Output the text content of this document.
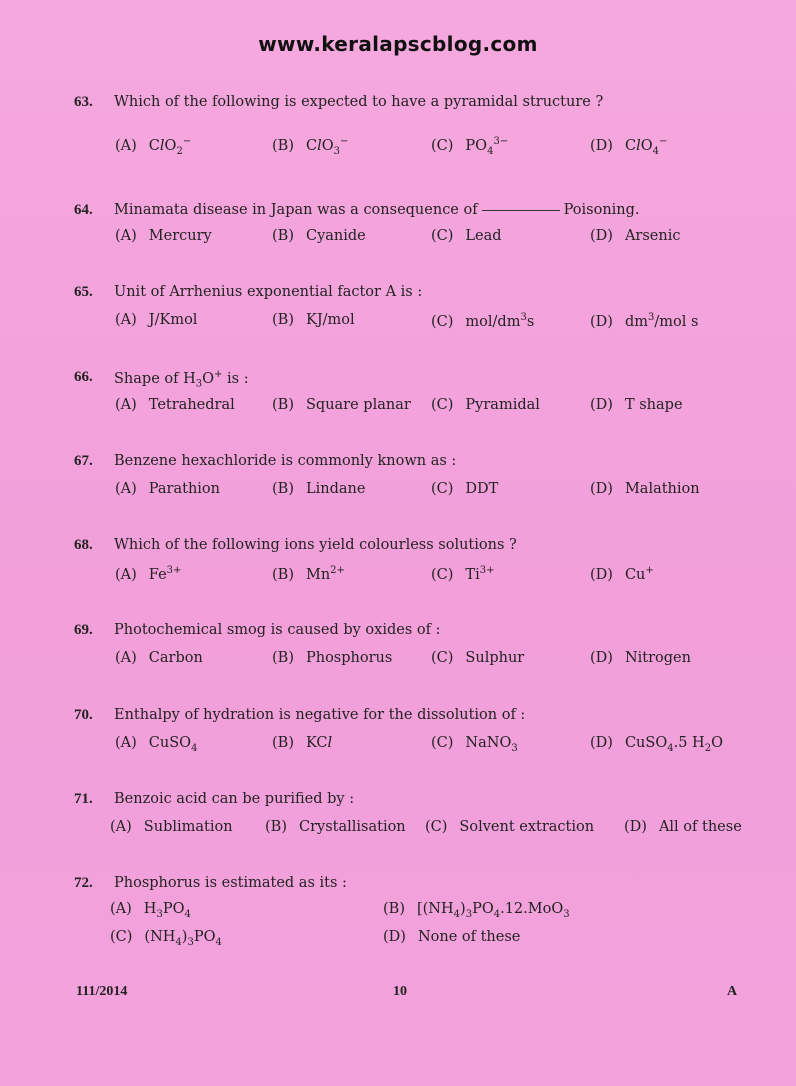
www.keralapscblog.com
63. Which of the following is expected to have a pyramidal structure ?
(A) ClO$_2$−	(B) ClO$_3$−	(C) $PO_4^{3-}$	(D) ClO$_4$−
64. Minamata disease in Japan was a consequence of	Poisoning.
(A) Mercury	(B) Cyanide	(C) Lead	(D) Arsenic
65. Unit of Arrhenius exponential factor A is :
(A) J/Kmol	(B) KJ/mol	(C) mol/$dm^3s$	(D) $dm^3$/mol s
66. Shape of $H_3O^+$ is :
(A) Tetrahedral	(B) Square planar (C) Pyramidal	(D) T shape
67. Benzene hexachloride is commonly known as :
(A) Parathion	(B) Lindane	(C) DDT	(D) Malathion
68. Which of the following ions yield colourless solutions ?
(A) $Fe^{3+}$	(B) $Mn^{2+}$	(C) $Ti^{3+}$	(D) Cu+
69. Photochemical smog is caused by oxides of :
(A) Carbon	(B) Phosphorus	(C) Sulphur	(D) Nitrogen
70. Enthalpy of hydration is negative for the dissolution of :
(A) CuSO$_4$	(B) KCl	(C) NaNO$_3$	(D) CuSO$_4$.5 $H_2O$
71. Benzoic acid can be purified by :
(A) Sublimation (B) Crystallisation (C) Solvent extraction (D) All of these
72. Phosphorus is estimated as its :
(A) $H_3PO_4$	(B) [$(NH_4)_3PO_4.12.MoO_3$
(C) $(NH_4)_3PO_4$	(D) None of these
111/2014	10	A
